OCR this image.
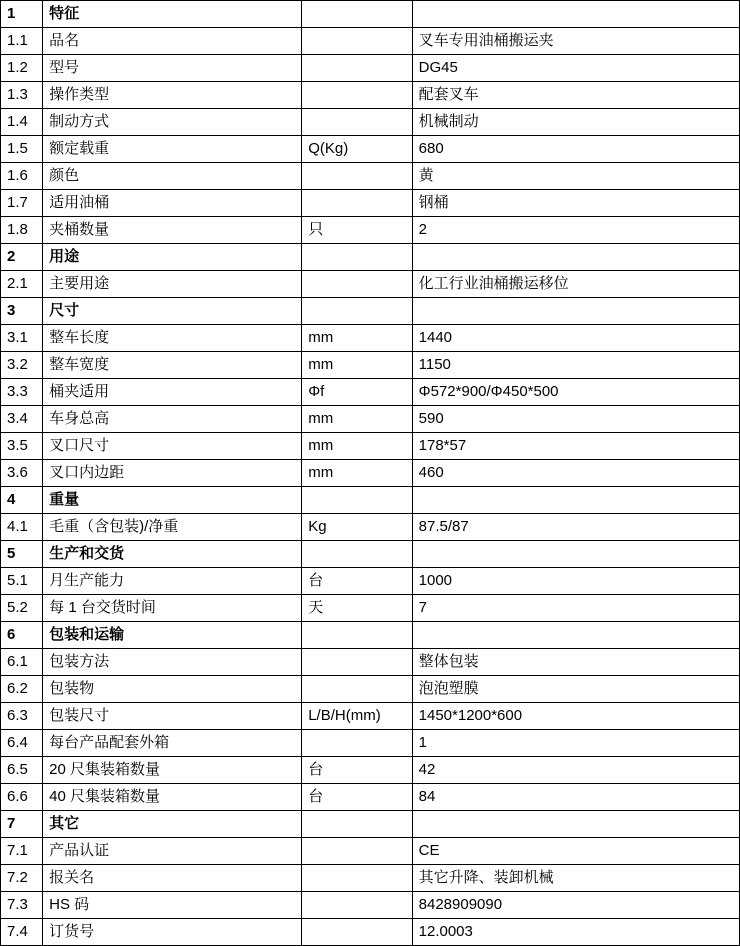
1	特征		
1.1	品名		叉车专用油桶搬运夹
1.2	型号		DG45
1.3	操作类型		配套叉车
1.4	制动方式		机械制动
1.5	额定载重	Q(Kg)	680
1.6	颜色		黄
1.7	适用油桶		钢桶
1.8	夹桶数量	只	2
2	用途		
2.1	主要用途		化工行业油桶搬运移位
3	尺寸		
3.1	整车长度	mm	1440
3.2	整车宽度	mm	1150
3.3	桶夹适用	Φf	Φ572*900/Φ450*500
3.4	车身总高	mm	590
3.5	叉口尺寸	mm	178*57
3.6	叉口内边距	mm	460
4	重量		
4.1	毛重（含包装)/净重	Kg	87.5/87
5	生产和交货		
5.1	月生产能力	台	1000
5.2	每 1 台交货时间	天	7
6	包装和运输		
6.1	包装方法		整体包装
6.2	包装物		泡泡塑膜
6.3	包装尺寸	L/B/H(mm)	1450*1200*600
6.4	每台产品配套外箱		1
6.5	20 尺集装箱数量	台	42
6.6	40 尺集装箱数量	台	84
7	其它		
7.1	产品认证		CE
7.2	报关名		其它升降、装卸机械
7.3	HS 码		8428909090
7.4	订货号		12.0003
